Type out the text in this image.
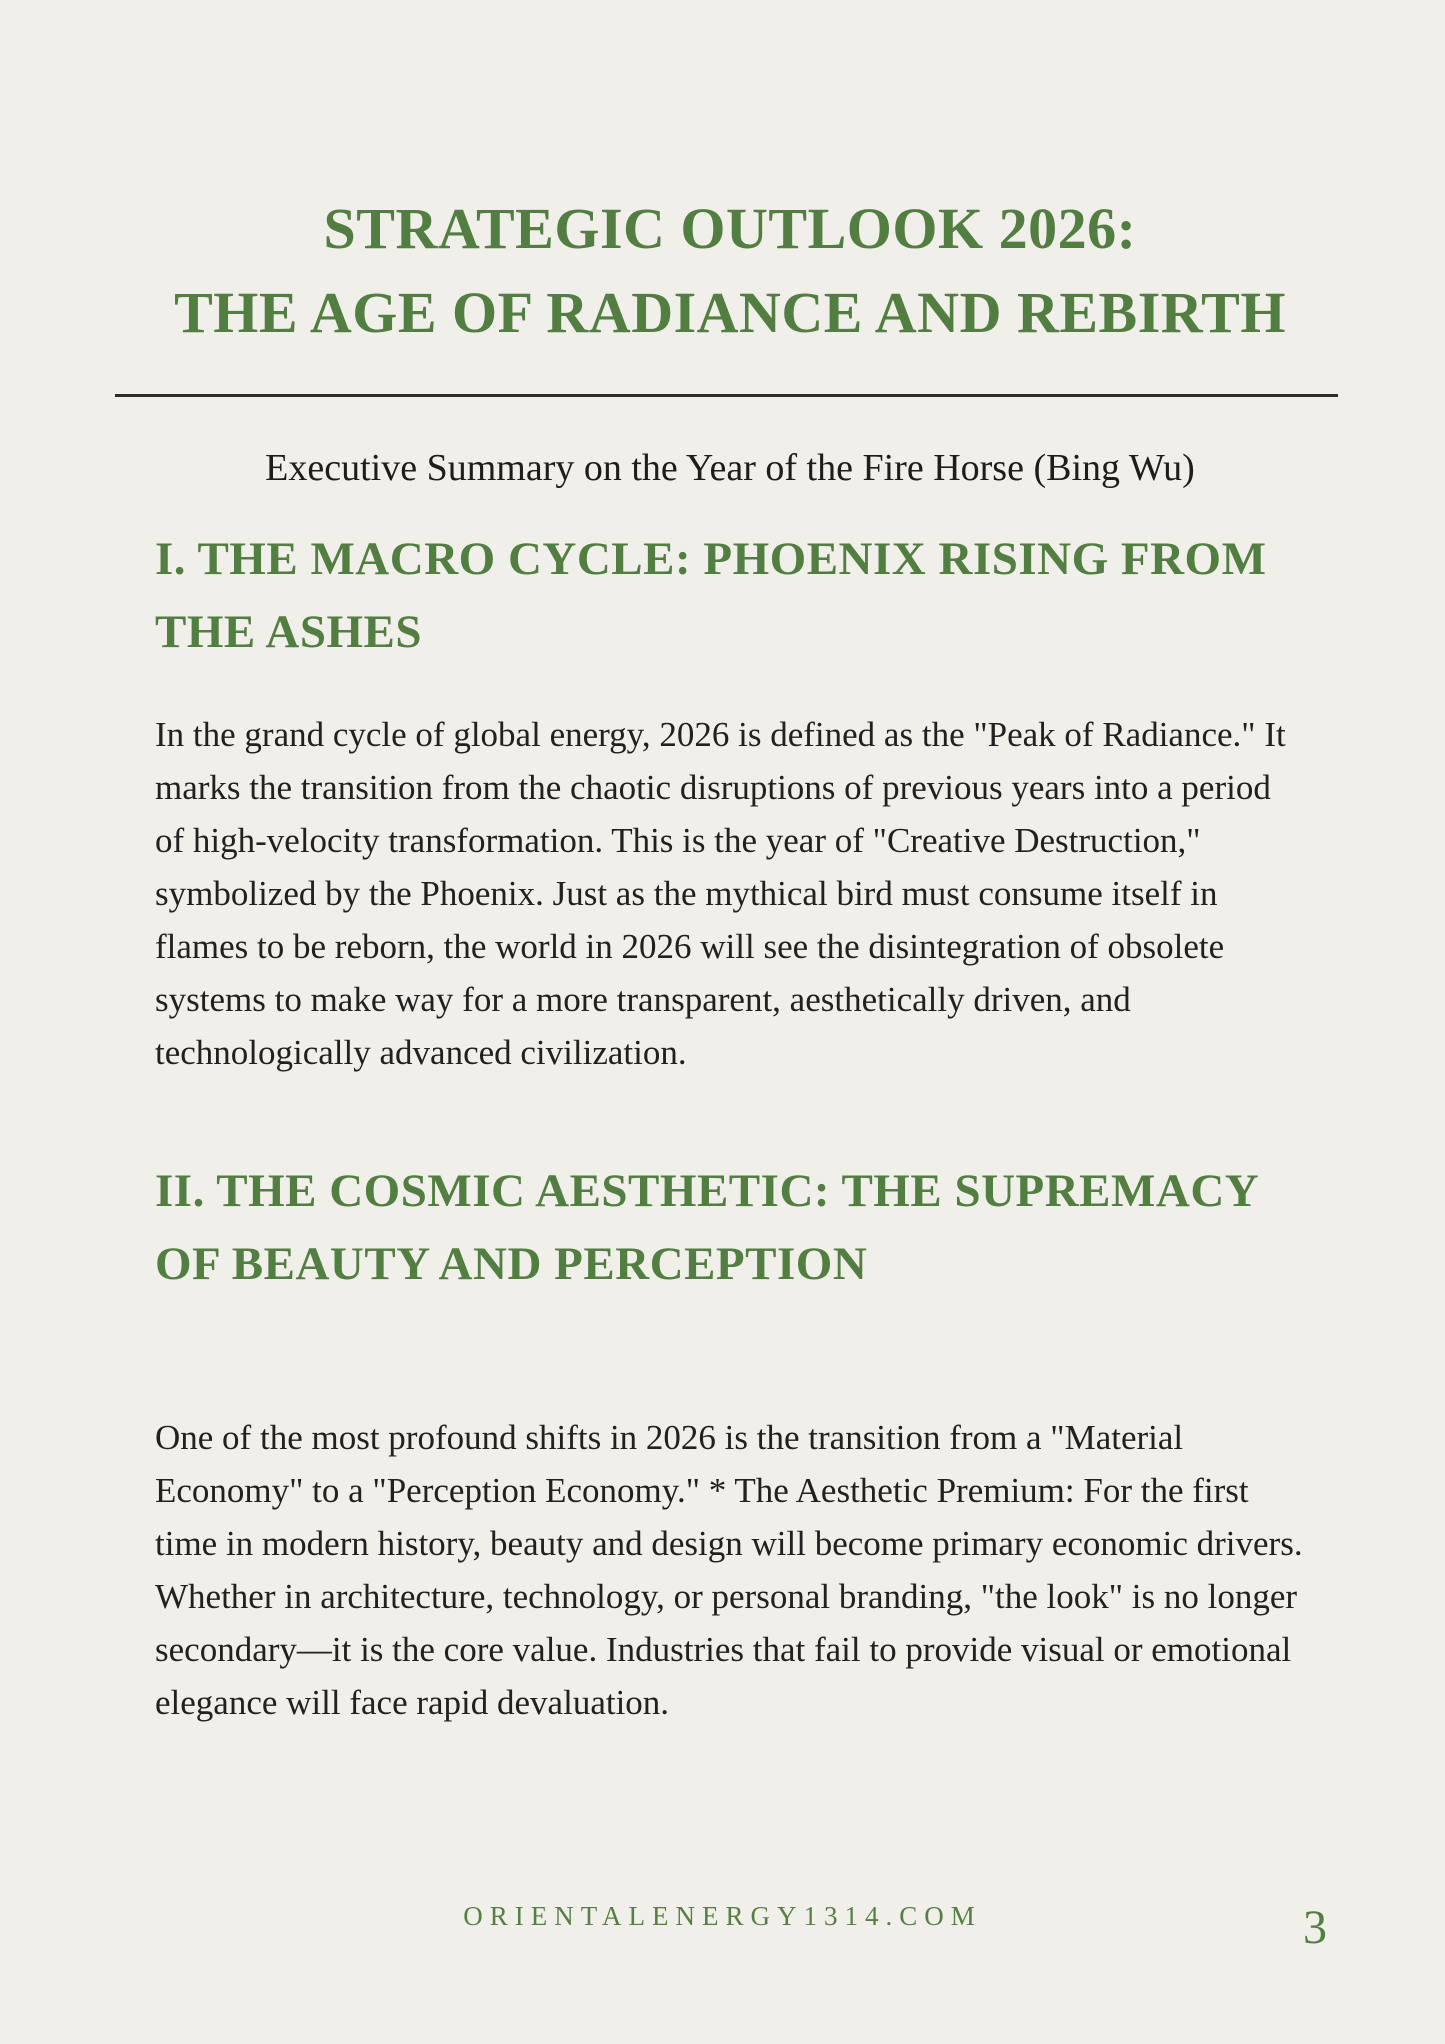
STRATEGIC OUTLOOK 2026:
THE AGE OF RADIANCE AND REBIRTH
Executive Summary on the Year of the Fire Horse (Bing Wu)
I. THE MACRO CYCLE: PHOENIX RISING FROM THE ASHES

In the grand cycle of global energy, 2026 is defined as the "Peak of Radiance." It marks the transition from the chaotic disruptions of previous years into a period of high-velocity transformation. This is the year of "Creative Destruction," symbolized by the Phoenix. Just as the mythical bird must consume itself in flames to be reborn, the world in 2026 will see the disintegration of obsolete systems to make way for a more transparent, aesthetically driven, and technologically advanced civilization.

II. THE COSMIC AESTHETIC: THE SUPREMACY OF BEAUTY AND PERCEPTION

One of the most profound shifts in 2026 is the transition from a "Material Economy" to a "Perception Economy." * The Aesthetic Premium: For the first time in modern history, beauty and design will become primary economic drivers. Whether in architecture, technology, or personal branding, "the look" is no longer secondary—it is the core value. Industries that fail to provide visual or emotional elegance will face rapid devaluation.

ORIENTALENERGY1314.COM	3
